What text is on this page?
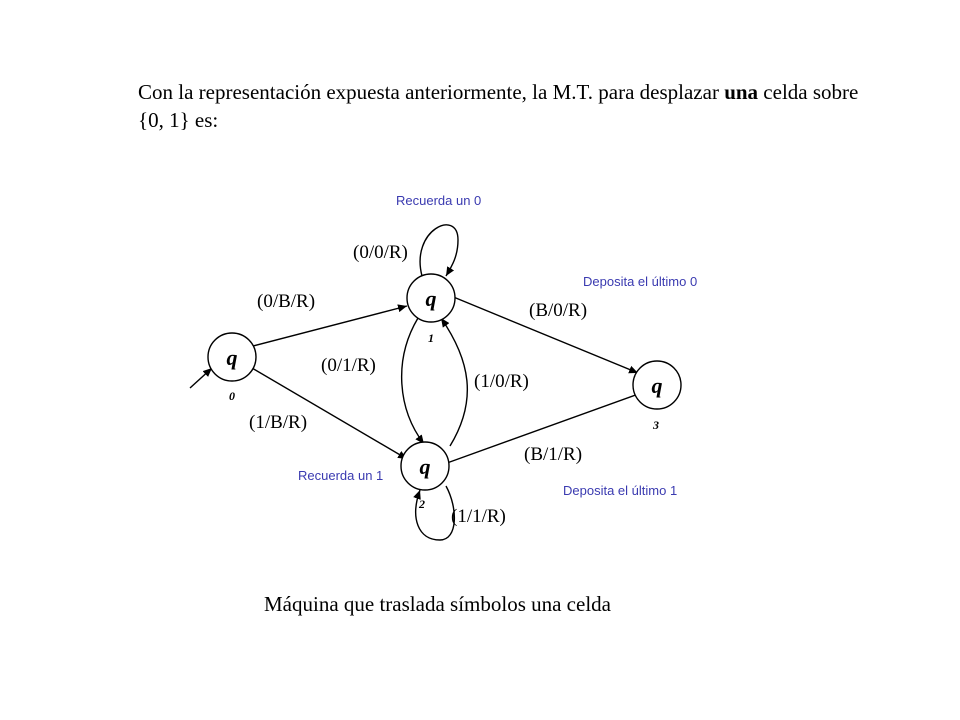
Con la representación expuesta anteriormente, la M.T. para desplazar una celda sobre {0, 1} es:
q
0
q
1
q
2
q
3
(0/0/R)
(0/B/R)	(B/0/R)
(0/1/R)
(1/0/R)
(1/B/R)
(B/1/R)
(1/1/R)
Recuerda un 0
Deposita el último 0
Recuerda un 1
Deposita el último 1
Máquina que traslada símbolos una celda
